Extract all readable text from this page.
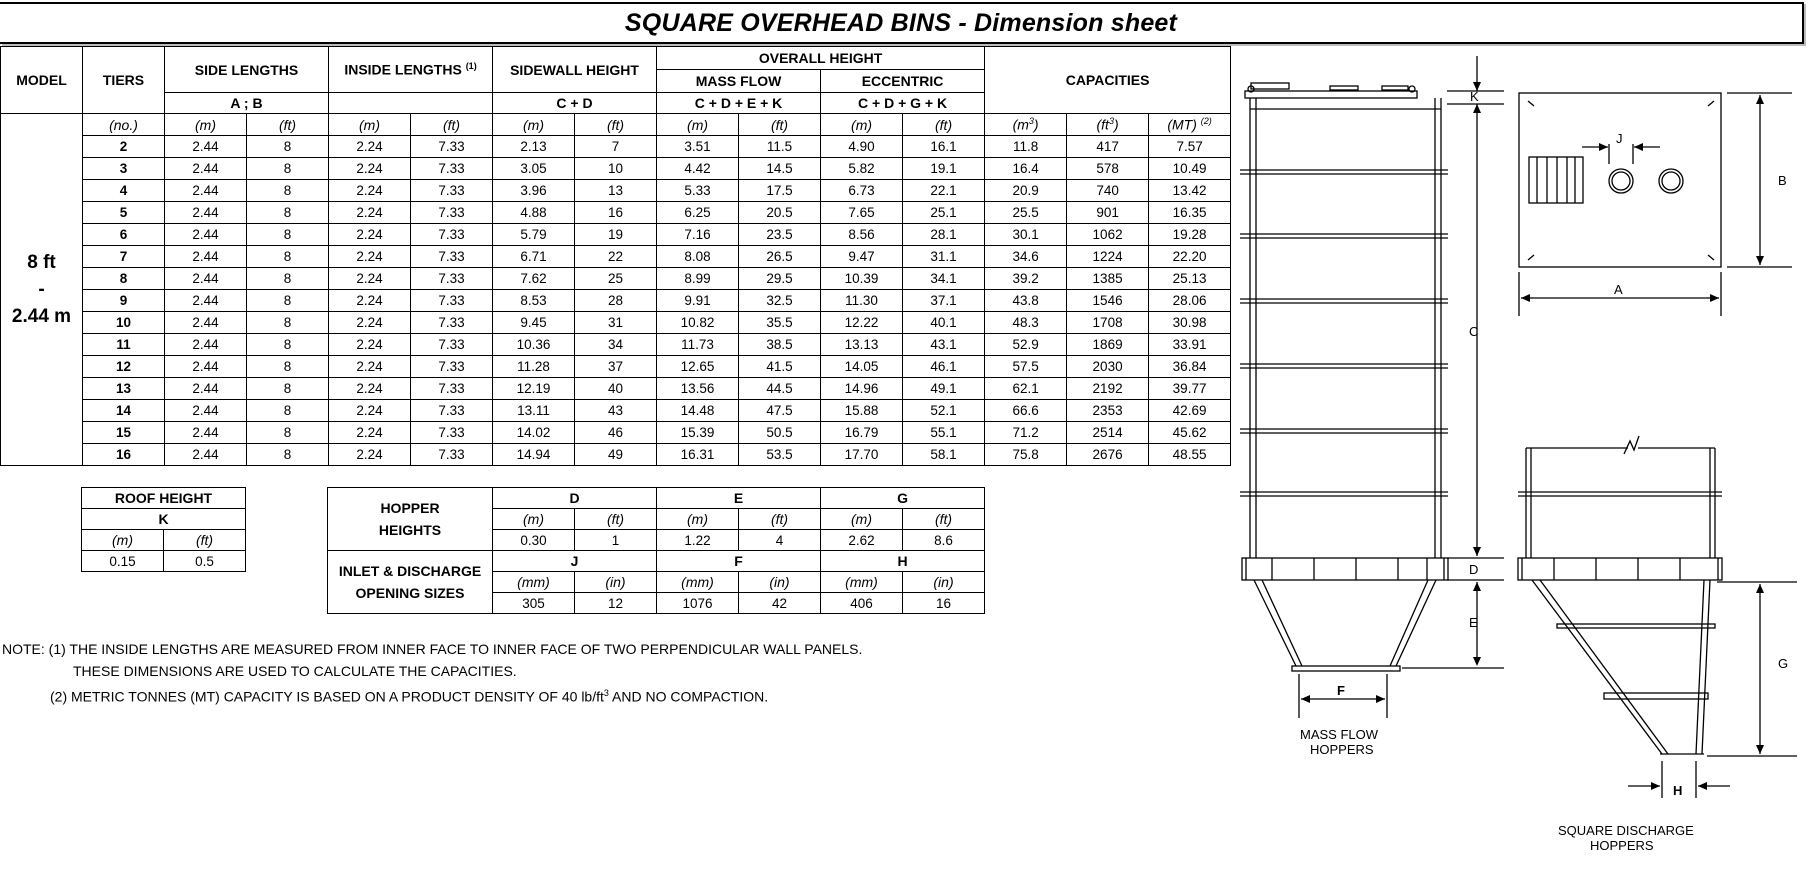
SQUARE OVERHEAD BINS - Dimension sheet
MODEL	TIERS	SIDE LENGTHS		INSIDE LENGTHS $^{(1)}$		SIDEWALL HEIGHT		OVERALL HEIGHT				CAPACITIES		
								MASS FLOW		ECCENTRIC				
		A ; B				C + D		C + D + E + K		C + D + G + K				

8 ft
-
2.44 m	(no.)	(m)	(ft)	(m)	(ft)	(m)	(ft)	(m)	(ft)	(m)	(ft)	$(m^3)$	$(ft^3)$	(MT) $^{(2)}$
	2	2.44	8	2.24	7.33	2.13	7	3.51	11.5	4.90	16.1	11.8	417	7.57
	3	2.44	8	2.24	7.33	3.05	10	4.42	14.5	5.82	19.1	16.4	578	10.49
	4	2.44	8	2.24	7.33	3.96	13	5.33	17.5	6.73	22.1	20.9	740	13.42
	5	2.44	8	2.24	7.33	4.88	16	6.25	20.5	7.65	25.1	25.5	901	16.35
	6	2.44	8	2.24	7.33	5.79	19	7.16	23.5	8.56	28.1	30.1	1062	19.28
	7	2.44	8	2.24	7.33	6.71	22	8.08	26.5	9.47	31.1	34.6	1224	22.20
	8	2.44	8	2.24	7.33	7.62	25	8.99	29.5	10.39	34.1	39.2	1385	25.13
	9	2.44	8	2.24	7.33	8.53	28	9.91	32.5	11.30	37.1	43.8	1546	28.06
	10	2.44	8	2.24	7.33	9.45	31	10.82	35.5	12.22	40.1	48.3	1708	30.98
	11	2.44	8	2.24	7.33	10.36	34	11.73	38.5	13.13	43.1	52.9	1869	33.91
	12	2.44	8	2.24	7.33	11.28	37	12.65	41.5	14.05	46.1	57.5	2030	36.84
	13	2.44	8	2.24	7.33	12.19	40	13.56	44.5	14.96	49.1	62.1	2192	39.77
	14	2.44	8	2.24	7.33	13.11	43	14.48	47.5	15.88	52.1	66.6	2353	42.69
	15	2.44	8	2.24	7.33	14.02	46	15.39	50.5	16.79	55.1	71.2	2514	45.62
	16	2.44	8	2.24	7.33	14.94	49	16.31	53.5	17.70	58.1	75.8	2676	48.55
ROOF HEIGHT	
K	
(m)	(ft)
0.15	0.5
HOPPER
HEIGHTS	D		E		G	
	(m)	(ft)	(m)	(ft)	(m)	(ft)
	0.30	1	1.22	4	2.62	8.6

INLET & DISCHARGE
OPENING SIZES	J		F		H	
	(mm)	(in)	(mm)	(in)	(mm)	(in)
	305	12	1076	42	406	16
NOTE: (1) THE INSIDE LENGTHS ARE MEASURED FROM INNER FACE TO INNER FACE OF TWO PERPENDICULAR WALL PANELS.
THESE DIMENSIONS ARE USED TO CALCULATE THE CAPACITIES.
(2) METRIC TONNES (MT) CAPACITY IS BASED ON A PRODUCT DENSITY OF 40 $lb/ft^3$ AND NO COMPACTION.
K
C
D
E
F
J
B
A
G
H
MASS FLOW
HOPPERS
SQUARE DISCHARGE
HOPPERS
